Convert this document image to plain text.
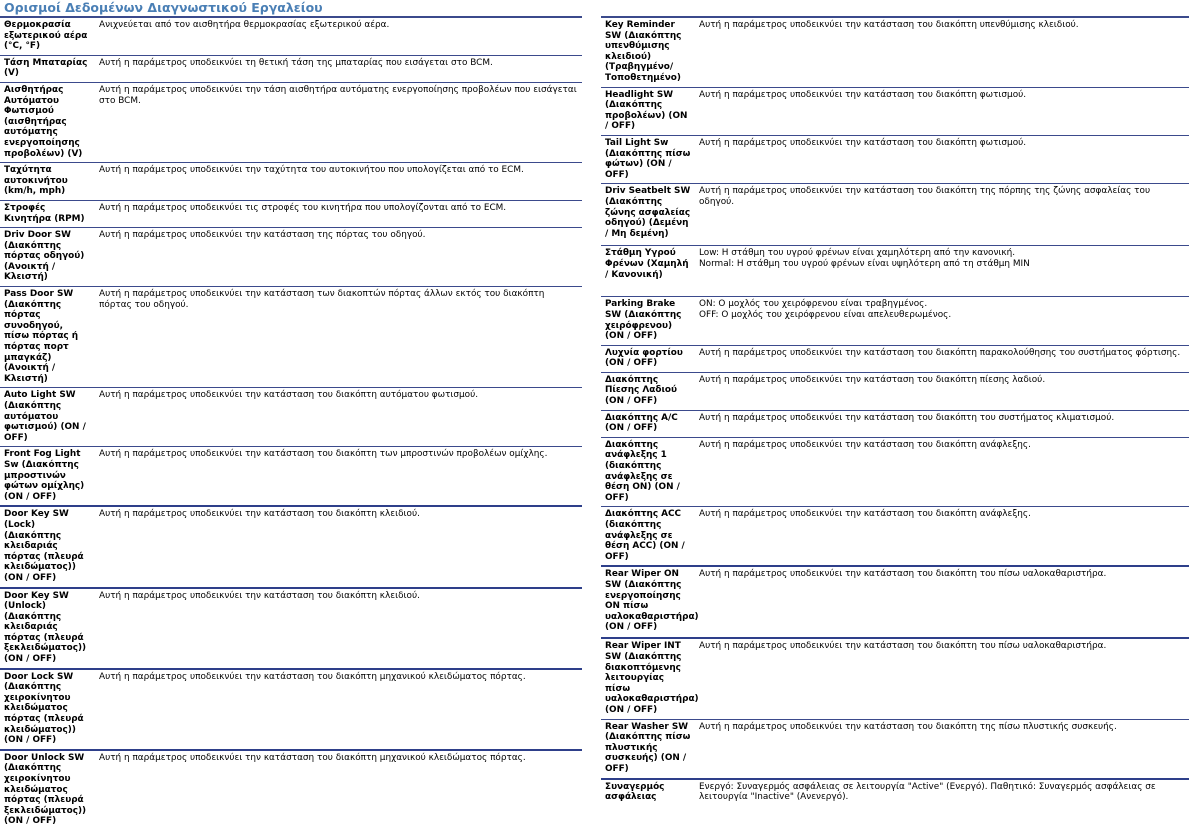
Ορισμοί Δεδομένων Διαγνωστικού Εργαλείου
Θερμοκρασία εξωτερικού αέρα (°C, °F)	Ανιχνεύεται από τον αισθητήρα θερμοκρασίας εξωτερικού αέρα.
Τάση Μπαταρίας (V)	Αυτή η παράμετρος υποδεικνύει τη θετική τάση της μπαταρίας που εισάγεται στο BCM.
Αισθητήρας Αυτόματου Φωτισμού (αισθητήρας αυτόματης ενεργοποίησης προβολέων) (V)	Αυτή η παράμετρος υποδεικνύει την τάση αισθητήρα αυτόματης ενεργοποίησης προβολέων που εισάγεται στο BCM.
Ταχύτητα αυτοκινήτου (km/h, mph)	Αυτή η παράμετρος υποδεικνύει την ταχύτητα του αυτοκινήτου που υπολογίζεται από το ECM.
Στροφές Κινητήρα (RPM)	Αυτή η παράμετρος υποδεικνύει τις στροφές του κινητήρα που υπολογίζονται από το ECM.
Driv Door SW (Διακόπτης πόρτας οδηγού) (Ανοικτή / Κλειστή)	Αυτή η παράμετρος υποδεικνύει την κατάσταση της πόρτας του οδηγού.
Pass Door SW (Διακόπτης πόρτας συνοδηγού, πίσω πόρτας ή πόρτας πορτ μπαγκάζ) (Ανοικτή / Κλειστή)	Αυτή η παράμετρος υποδεικνύει την κατάσταση των διακοπτών πόρτας άλλων εκτός του διακόπτη πόρτας του οδηγού.
Auto Light SW (Διακόπτης αυτόματου φωτισμού) (ON / OFF)	Αυτή η παράμετρος υποδεικνύει την κατάσταση του διακόπτη αυτόματου φωτισμού.
Front Fog Light Sw (Διακόπτης μπροστινών φώτων ομίχλης) (ON / OFF)	Αυτή η παράμετρος υποδεικνύει την κατάσταση του διακόπτη των μπροστινών προβολέων ομίχλης.
Door Key SW (Lock) (Διακόπτης κλειδαριάς πόρτας (πλευρά κλειδώματος)) (ON / OFF)	Αυτή η παράμετρος υποδεικνύει την κατάσταση του διακόπτη κλειδιού.
Door Key SW (Unlock) (Διακόπτης κλειδαριάς πόρτας (πλευρά ξεκλειδώματος)) (ON / OFF)	Αυτή η παράμετρος υποδεικνύει την κατάσταση του διακόπτη κλειδιού.
Door Lock SW (Διακόπτης χειροκίνητου κλειδώματος πόρτας (πλευρά κλειδώματος)) (ON / OFF)	Αυτή η παράμετρος υποδεικνύει την κατάσταση του διακόπτη μηχανικού κλειδώματος πόρτας.
Door Unlock SW (Διακόπτης χειροκίνητου κλειδώματος πόρτας (πλευρά ξεκλειδώματος)) (ON / OFF)	Αυτή η παράμετρος υποδεικνύει την κατάσταση του διακόπτη μηχανικού κλειδώματος πόρτας.
Key Reminder SW (Διακόπτης υπενθύμισης κλειδιού) (Τραβηγμένο/ Τοποθετημένο)	Αυτή η παράμετρος υποδεικνύει την κατάσταση του διακόπτη υπενθύμισης κλειδιού.
Headlight SW (Διακόπτης προβολέων) (ON / OFF)	Αυτή η παράμετρος υποδεικνύει την κατάσταση του διακόπτη φωτισμού.
Tail Light Sw (Διακόπτης πίσω φώτων) (ON / OFF)	Αυτή η παράμετρος υποδεικνύει την κατάσταση του διακόπτη φωτισμού.
Driv Seatbelt SW (Διακόπτης ζώνης ασφαλείας οδηγού) (Δεμένη / Μη δεμένη)	Αυτή η παράμετρος υποδεικνύει την κατάσταση του διακόπτη της πόρπης της ζώνης ασφαλείας του οδηγού.
Στάθμη Υγρού Φρένων (Χαμηλή / Κανονική)	Low: Η στάθμη του υγρού φρένων είναι χαμηλότερη από την κανονική.
Normal: Η στάθμη του υγρού φρένων είναι υψηλότερη από τη στάθμη MIN

Parking Brake SW (Διακόπτης χειρόφρενου) (ON / OFF)	ON: Ο μοχλός του χειρόφρενου είναι τραβηγμένος.
OFF: Ο μοχλός του χειρόφρενου είναι απελευθερωμένος.

Λυχνία φορτίου (ON / OFF)	Αυτή η παράμετρος υποδεικνύει την κατάσταση του διακόπτη παρακολούθησης του συστήματος φόρτισης.
Διακόπτης Πίεσης Λαδιού (ON / OFF)	Αυτή η παράμετρος υποδεικνύει την κατάσταση του διακόπτη πίεσης λαδιού.
Διακόπτης A/C (ON / OFF)	Αυτή η παράμετρος υποδεικνύει την κατάσταση του διακόπτη του συστήματος κλιματισμού.
Διακόπτης ανάφλεξης 1 (διακόπτης ανάφλεξης σε θέση ON) (ON / OFF)	Αυτή η παράμετρος υποδεικνύει την κατάσταση του διακόπτη ανάφλεξης.
Διακόπτης ACC (διακόπτης ανάφλεξης σε θέση ACC) (ON / OFF)	Αυτή η παράμετρος υποδεικνύει την κατάσταση του διακόπτη ανάφλεξης.
Rear Wiper ON SW (Διακόπτης ενεργοποίησης ON πίσω υαλοκαθαριστήρα) (ON / OFF)	Αυτή η παράμετρος υποδεικνύει την κατάσταση του διακόπτη του πίσω υαλοκαθαριστήρα.
Rear Wiper INT SW (Διακόπτης διακοπτόμενης λειτουργίας πίσω υαλοκαθαριστήρα) (ON / OFF)	Αυτή η παράμετρος υποδεικνύει την κατάσταση του διακόπτη του πίσω υαλοκαθαριστήρα.
Rear Washer SW (Διακόπτης πίσω πλυστικής συσκευής) (ON / OFF)	Αυτή η παράμετρος υποδεικνύει την κατάσταση του διακόπτη της πίσω πλυστικής συσκευής.
Συναγερμός ασφάλειας	Ενεργό: Συναγερμός ασφάλειας σε λειτουργία "Active" (Ενεργό). Παθητικό: Συναγερμός ασφάλειας σε λειτουργία "Inactive" (Ανενεργό).
